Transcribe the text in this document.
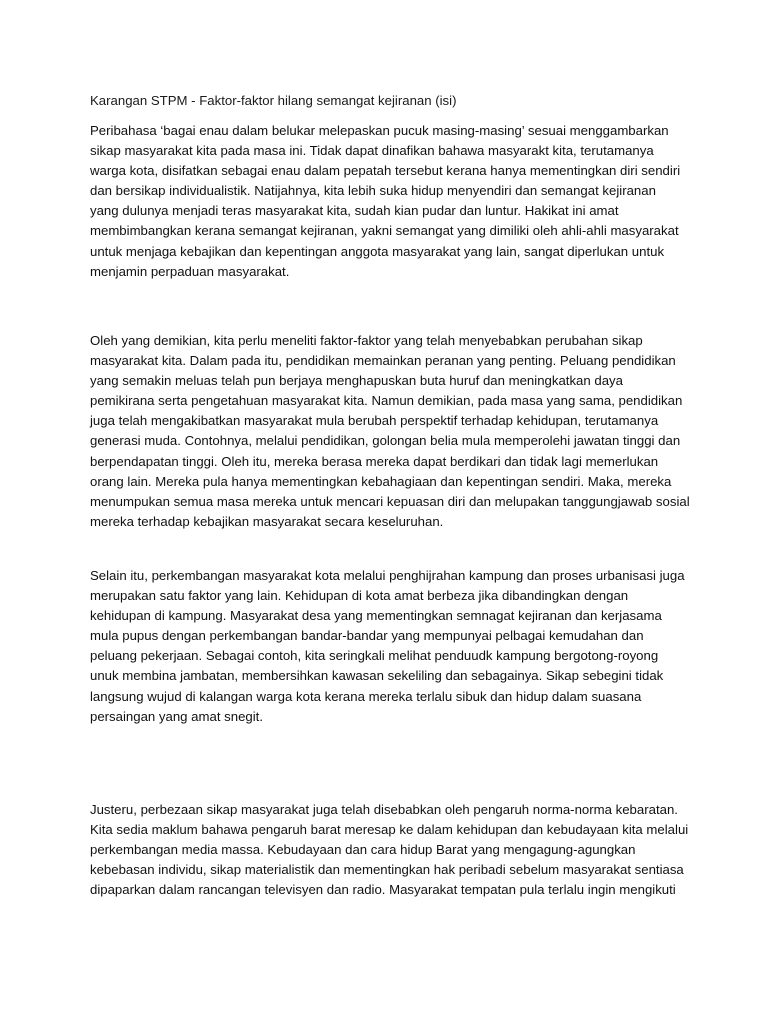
Karangan STPM - Faktor-faktor hilang semangat kejiranan (isi)
Peribahasa ‘bagai enau dalam belukar melepaskan pucuk masing-masing’ sesuai menggambarkan
sikap masyarakat kita pada masa ini. Tidak dapat dinafikan bahawa masyarakt kita, terutamanya
warga kota, disifatkan sebagai enau dalam pepatah tersebut kerana hanya mementingkan diri sendiri
dan bersikap individualistik. Natijahnya, kita lebih suka hidup menyendiri dan semangat kejiranan
yang dulunya menjadi teras masyarakat kita, sudah kian pudar dan luntur. Hakikat ini amat
membimbangkan kerana semangat kejiranan, yakni semangat yang dimiliki oleh ahli-ahli masyarakat
untuk menjaga kebajikan dan kepentingan anggota masyarakat yang lain, sangat diperlukan untuk
menjamin perpaduan masyarakat.
Oleh yang demikian, kita perlu meneliti faktor-faktor yang telah menyebabkan perubahan sikap
masyarakat kita. Dalam pada itu, pendidikan memainkan peranan yang penting. Peluang pendidikan
yang semakin meluas telah pun berjaya menghapuskan buta huruf dan meningkatkan daya
pemikirana serta pengetahuan masyarakat kita. Namun demikian, pada masa yang sama, pendidikan
juga telah mengakibatkan masyarakat mula berubah perspektif terhadap kehidupan, terutamanya
generasi muda. Contohnya, melalui pendidikan, golongan belia mula memperolehi jawatan tinggi dan
berpendapatan tinggi. Oleh itu, mereka berasa mereka dapat berdikari dan tidak lagi memerlukan
orang lain. Mereka pula hanya mementingkan kebahagiaan dan kepentingan sendiri. Maka, mereka
menumpukan semua masa mereka untuk mencari kepuasan diri dan melupakan tanggungjawab sosial
mereka terhadap kebajikan masyarakat secara keseluruhan.
Selain itu, perkembangan masyarakat kota melalui penghijrahan kampung dan proses urbanisasi juga
merupakan satu faktor yang lain. Kehidupan di kota amat berbeza jika dibandingkan dengan
kehidupan di kampung. Masyarakat desa yang mementingkan semnagat kejiranan dan kerjasama
mula pupus dengan perkembangan bandar-bandar yang mempunyai pelbagai kemudahan dan
peluang pekerjaan. Sebagai contoh, kita seringkali melihat penduudk kampung bergotong-royong
unuk membina jambatan, membersihkan kawasan sekeliling dan sebagainya. Sikap sebegini tidak
langsung wujud di kalangan warga kota kerana mereka terlalu sibuk dan hidup dalam suasana
persaingan yang amat snegit.
Justeru, perbezaan sikap masyarakat juga telah disebabkan oleh pengaruh norma-norma kebaratan.
Kita sedia maklum bahawa pengaruh barat meresap ke dalam kehidupan dan kebudayaan kita melalui
perkembangan media massa. Kebudayaan dan cara hidup Barat yang mengagung-agungkan
kebebasan individu, sikap materialistik dan mementingkan hak peribadi sebelum masyarakat sentiasa
dipaparkan dalam rancangan televisyen dan radio. Masyarakat tempatan pula terlalu ingin mengikuti
